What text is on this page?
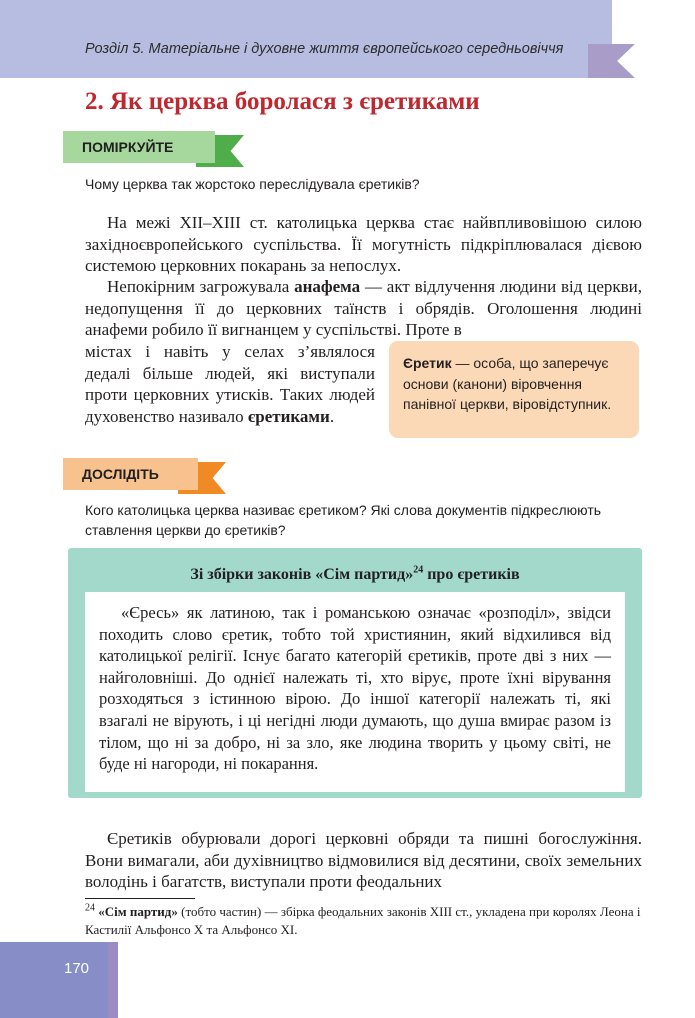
Розділ 5. Матеріальне і духовне життя європейського середньовіччя
2. Як церква боролася з єретиками
ПОМІРКУЙТЕ

Чому церква так жорстоко переслідувала єретиків?

На межі XII–XIII ст. католицька церква стає найвпливовішою силою західноєвропейського суспільства. Її могутність підкріплювалася дієвою системою церковних покарань за непослух.

Непокірним загрожувала анафема — акт відлучення людини від церкви, недопущення її до церковних таїнств і обрядів. Оголошення людині анафеми робило її вигнанцем у суспільстві. Проте в

містах і навіть у селах з’являлося дедалі більше людей, які виступали проти церковних утисків. Таких людей духовенство називало єретиками.

Єретик — особа, що заперечує основи (канони) віровчення панівної церкви, віровідступник.
ДОСЛІДІТЬ

Кого католицька церква називає єретиком? Які слова документів підкреслюють ставлення церкви до єретиків?

Зі збірки законів «Сім партид»$^{24}$ про єретиків

«Єресь» як латиною, так і романською означає «розподіл», звідси походить слово єретик, тобто той християнин, який відхилився від католицької релігії. Існує багато категорій єретиків, проте дві з них — найголовніші. До однієї належать ті, хто вірує, проте їхні вірування розходяться з істинною вірою. До іншої категорії належать ті, які взагалі не вірують, і ці негідні люди думають, що душа вмирає разом із тілом, що ні за добро, ні за зло, яке людина творить у цьому світі, не буде ні нагороди, ні покарання.

Єретиків обурювали дорогі церковні обряди та пишні богослужіння. Вони вимагали, аби духівництво відмовилися від десятини, своїх земельних володінь і багатств, виступали проти феодальних

$^{24}$ «Сім партид» (тобто частин) — збірка феодальних законів XIII ст., укладена при королях Леона і Кастилії Альфонсо X та Альфонсо XI.

170
